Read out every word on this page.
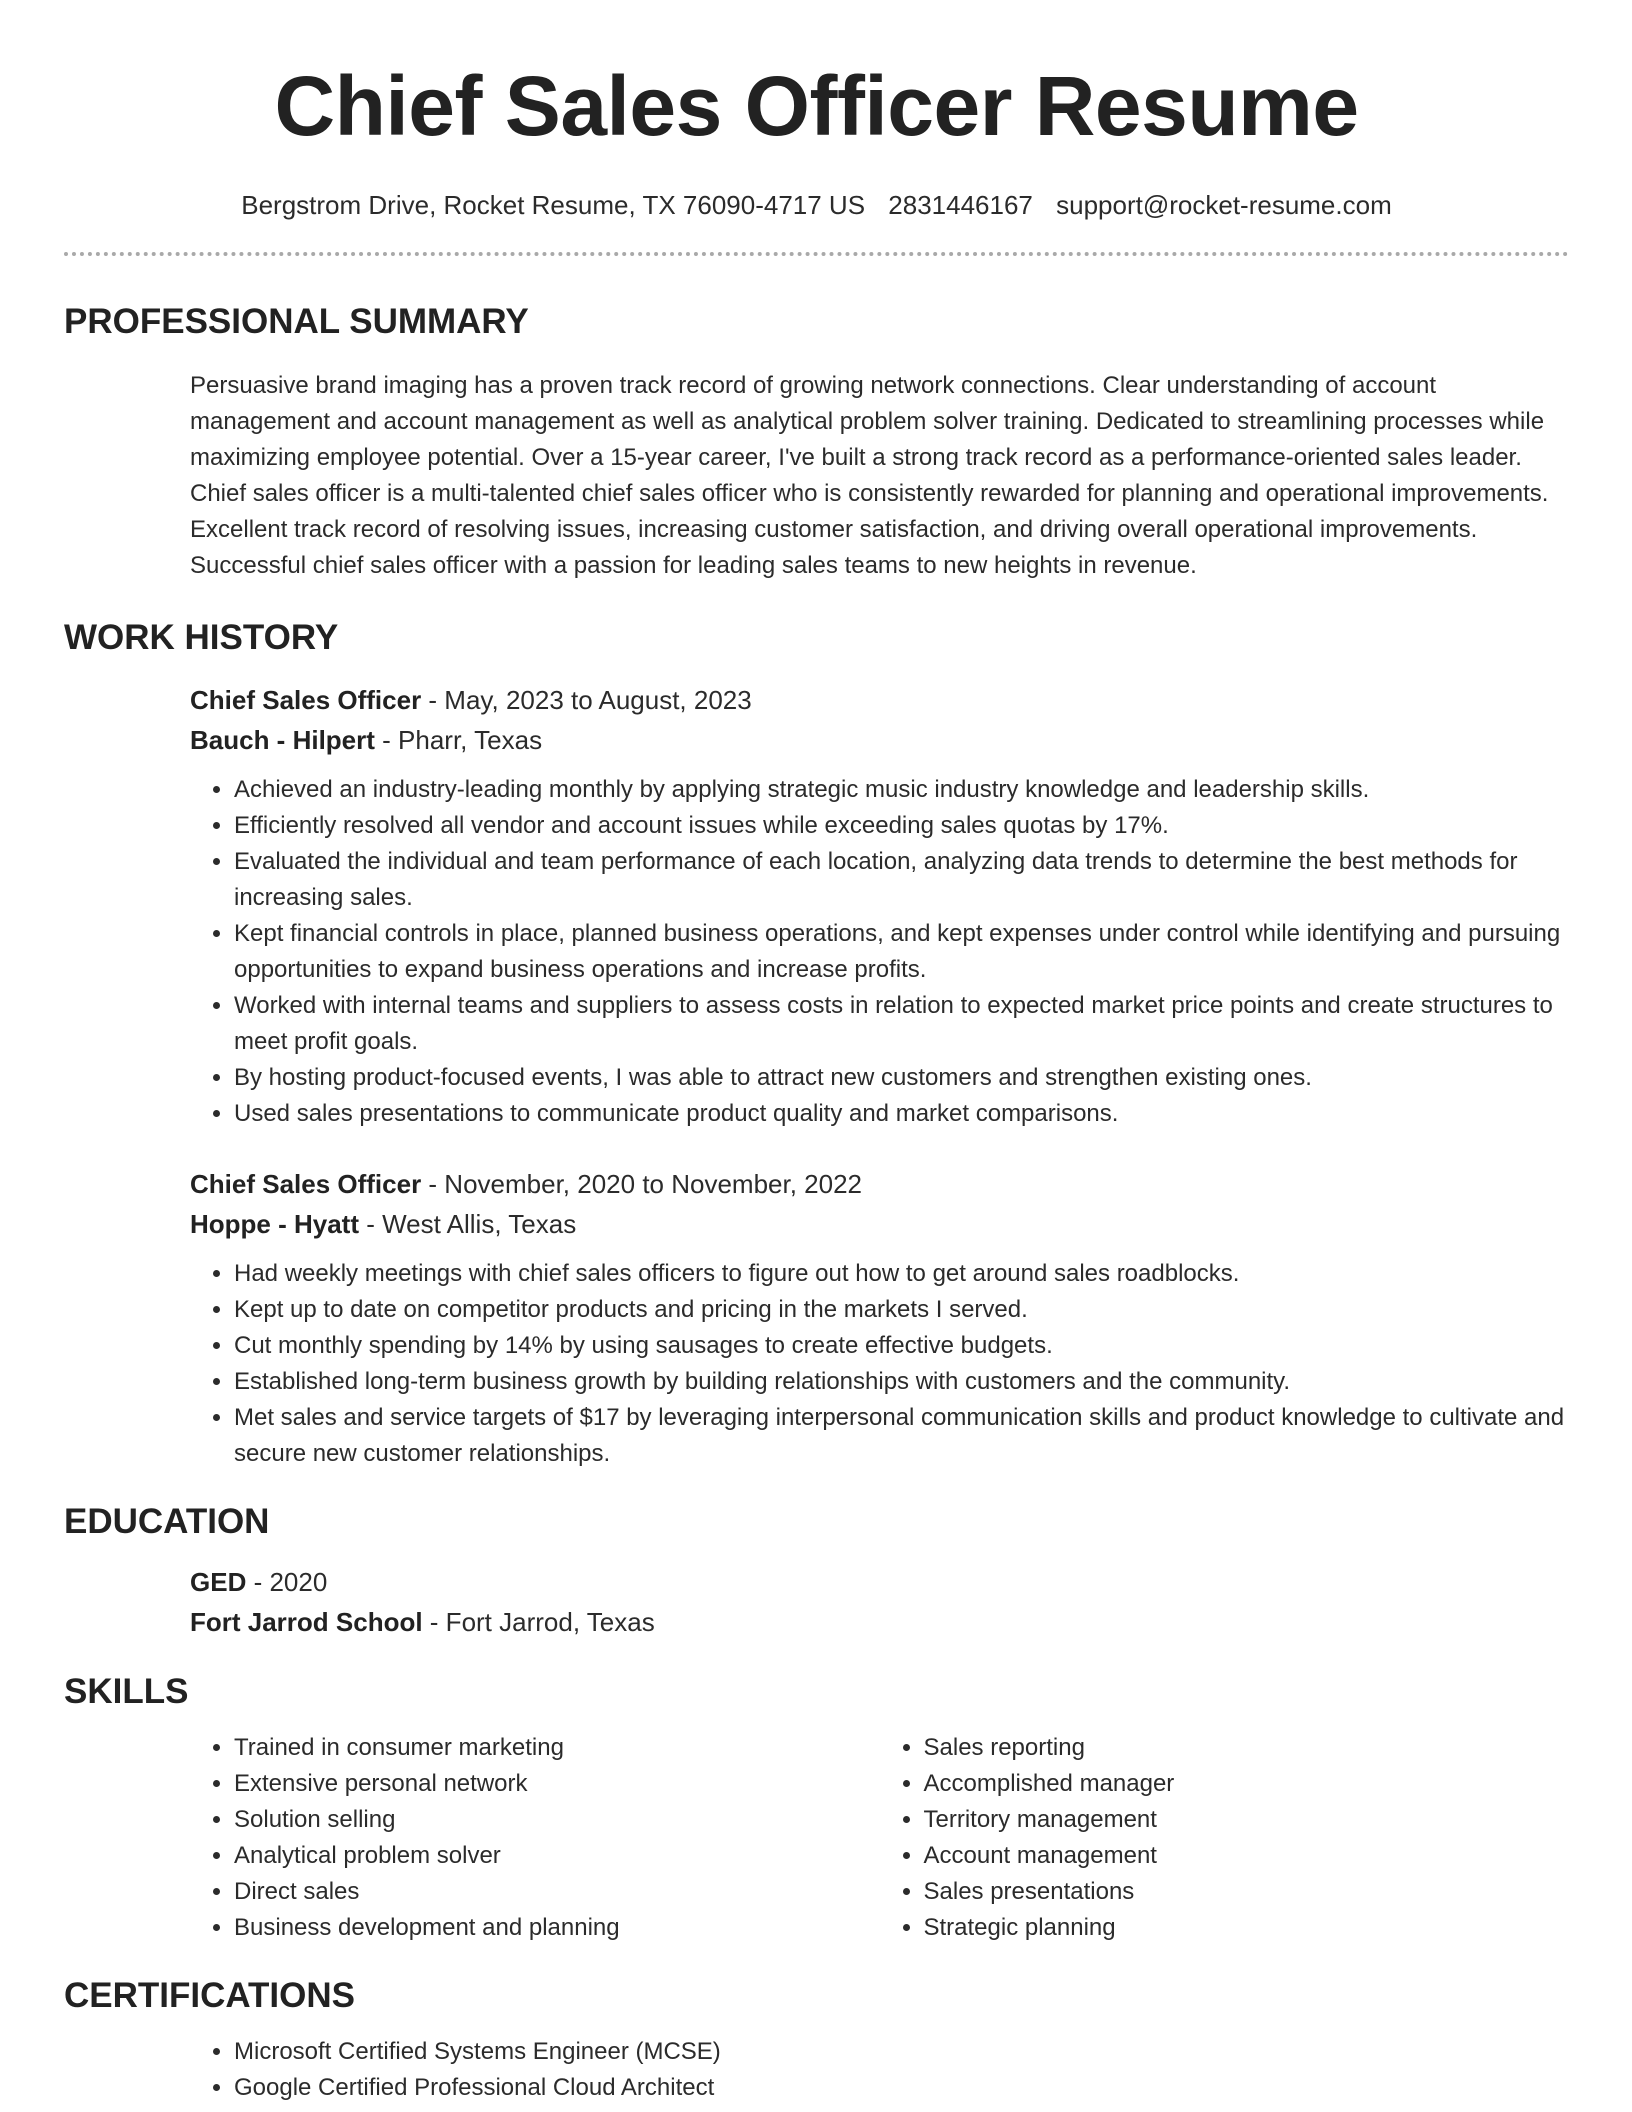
Chief Sales Officer Resume
Bergstrom Drive, Rocket Resume, TX 76090-4717 US 2831446167 support@rocket-resume.com
PROFESSIONAL SUMMARY
Persuasive brand imaging has a proven track record of growing network connections. Clear understanding of account management and account management as well as analytical problem solver training. Dedicated to streamlining processes while maximizing employee potential. Over a 15-year career, I've built a strong track record as a performance-oriented sales leader. Chief sales officer is a multi-talented chief sales officer who is consistently rewarded for planning and operational improvements. Excellent track record of resolving issues, increasing customer satisfaction, and driving overall operational improvements. Successful chief sales officer with a passion for leading sales teams to new heights in revenue.
WORK HISTORY
Chief Sales Officer - May, 2023 to August, 2023
Bauch - Hilpert - Pharr, Texas
• Achieved an industry-leading monthly by applying strategic music industry knowledge and leadership skills.
• Efficiently resolved all vendor and account issues while exceeding sales quotas by 17%.
• Evaluated the individual and team performance of each location, analyzing data trends to determine the best methods for increasing sales.
• Kept financial controls in place, planned business operations, and kept expenses under control while identifying and pursuing opportunities to expand business operations and increase profits.
• Worked with internal teams and suppliers to assess costs in relation to expected market price points and create structures to meet profit goals.
• By hosting product-focused events, I was able to attract new customers and strengthen existing ones.
• Used sales presentations to communicate product quality and market comparisons.
Chief Sales Officer - November, 2020 to November, 2022
Hoppe - Hyatt - West Allis, Texas
• Had weekly meetings with chief sales officers to figure out how to get around sales roadblocks.
• Kept up to date on competitor products and pricing in the markets I served.
• Cut monthly spending by 14% by using sausages to create effective budgets.
• Established long-term business growth by building relationships with customers and the community.
• Met sales and service targets of $17 by leveraging interpersonal communication skills and product knowledge to cultivate and secure new customer relationships.
EDUCATION
GED - 2020
Fort Jarrod School - Fort Jarrod, Texas
SKILLS
• Trained in consumer marketing
• Extensive personal network
• Solution selling
• Analytical problem solver
• Direct sales
• Business development and planning
• Sales reporting
• Accomplished manager
• Territory management
• Account management
• Sales presentations
• Strategic planning
CERTIFICATIONS
• Microsoft Certified Systems Engineer (MCSE)
• Google Certified Professional Cloud Architect
